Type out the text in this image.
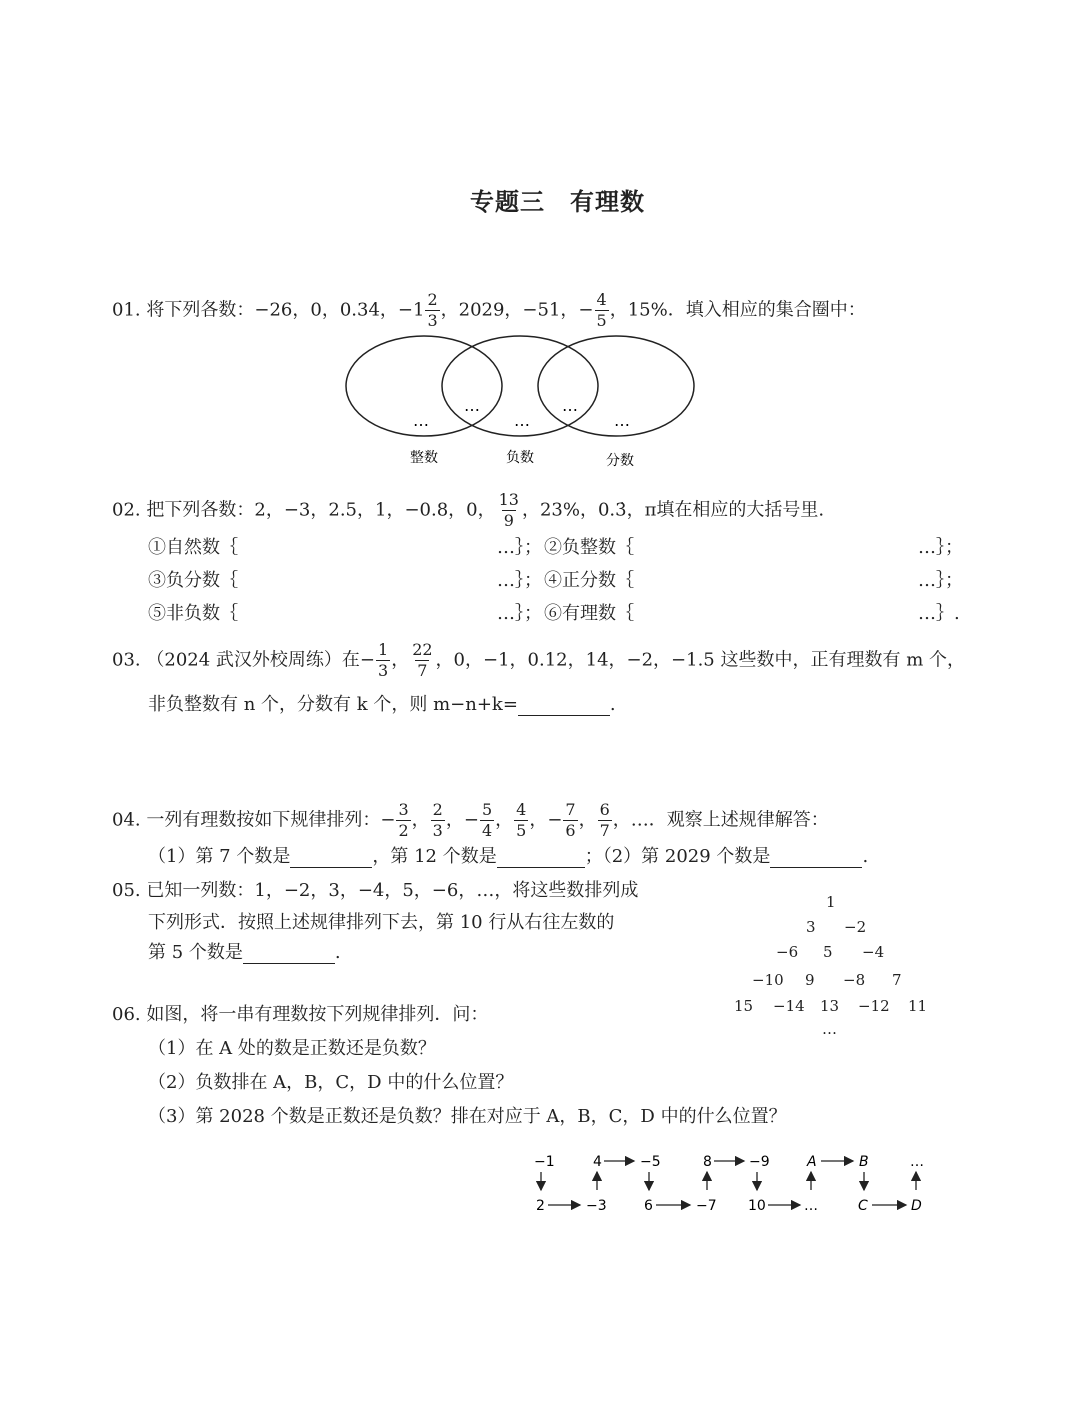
专题三　有理数
01. 将下列各数：−26，0，0.34，$-1 \frac{2}{3}$ ，2029，−51，− $\frac{4}{5}$ ，15%．填入相应的集合圈中：
…
…
…
…
…
整数	负数	分数
02. 把下列各数：2，−3，2.5，1，−0.8，0， $\frac{13}{9}$ ，23%，0.3̇，π填在相应的大括号里.
①自然数｛	…｝； ②负整数｛	…｝；
③负分数｛	…｝； ④正分数｛	…｝；
⑤非负数｛	…｝； ⑥有理数｛	…｝.
03. （2024 武汉外校周练）在− $\frac{1}{3}$ ， $\frac{22}{7}$ ，0，−1，0.12，14，−2，−1.5 这些数中，正有理数有 m 个，
非负整数有 n 个，分数有 k 个，则 m−n+k=	.
04. 一列有理数按如下规律排列：− $\frac{3}{2}$ ， $\frac{2}{3}$ ，− $\frac{5}{4}$ ， $\frac{4}{5}$ ，− $\frac{7}{6}$ ， $\frac{6}{7}$ ，…．观察上述规律解答：
（1）第 7 个数是	，第 12 个数是	；（2）第 2029 个数是	.
05. 已知一列数：1，−2，3，−4，5，−6，…，将这些数排列成
下列形式．按照上述规律排列下去，第 10 行从右往左数的
第 5 个数是	.
1
3 −2
−6 5 −4
−10 9 −8 7
15 −14 13 −12 11
…
06. 如图，将一串有理数按下列规律排列．问：
（1）在 A 处的数是正数还是负数？
（2）负数排在 A，B，C，D 中的什么位置？
（3）第 2028 个数是正数还是负数？排在对应于 A，B，C，D 中的什么位置？
−1	4	−5	8	−9	A	B	…
2	−3	6	−7 10	…	C	D
